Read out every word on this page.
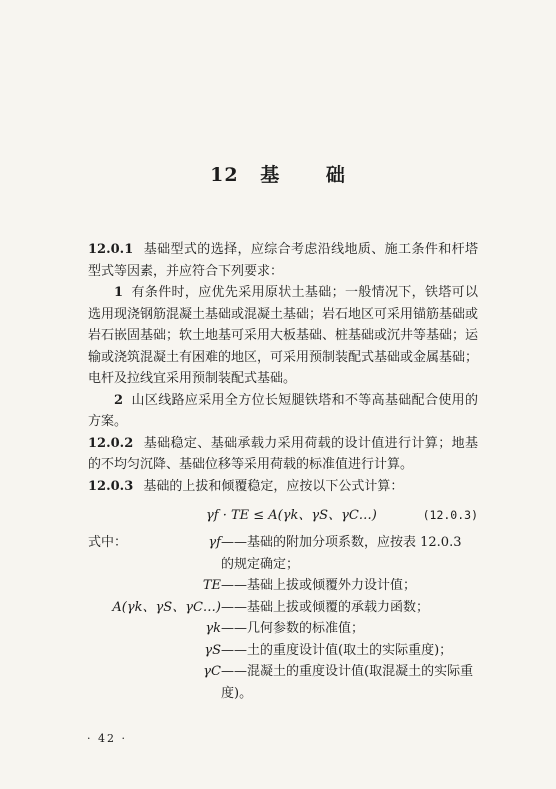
12 基 础

12.0.1 基础型式的选择，应综合考虑沿线地质、施工条件和杆塔型式等因素，并应符合下列要求：

1 有条件时，应优先采用原状土基础；一般情况下，铁塔可以选用现浇钢筋混凝土基础或混凝土基础；岩石地区可采用锚筋基础或岩石嵌固基础；软土地基可采用大板基础、桩基础或沉井等基础；运输或浇筑混凝土有困难的地区，可采用预制装配式基础或金属基础；电杆及拉线宜采用预制装配式基础。

2 山区线路应采用全方位长短腿铁塔和不等高基础配合使用的方案。

12.0.2 基础稳定、基础承载力采用荷载的设计值进行计算；地基的不均匀沉降、基础位移等采用荷载的标准值进行计算。

12.0.3 基础的上拔和倾覆稳定，应按以下公式计算：

γf · TE ≤ A(γk、γS、γC…)	(12.0.3)
式中：	γf——基础的附加分项系数，应按表 12.0.3 的规定确定；
TE——基础上拔或倾覆外力设计值；
A(γk、γS、γC…)——基础上拔或倾覆的承载力函数；
γk——几何参数的标准值；
γS——土的重度设计值(取土的实际重度)；
γC——混凝土的重度设计值(取混凝土的实际重度)。
· 42 ·
